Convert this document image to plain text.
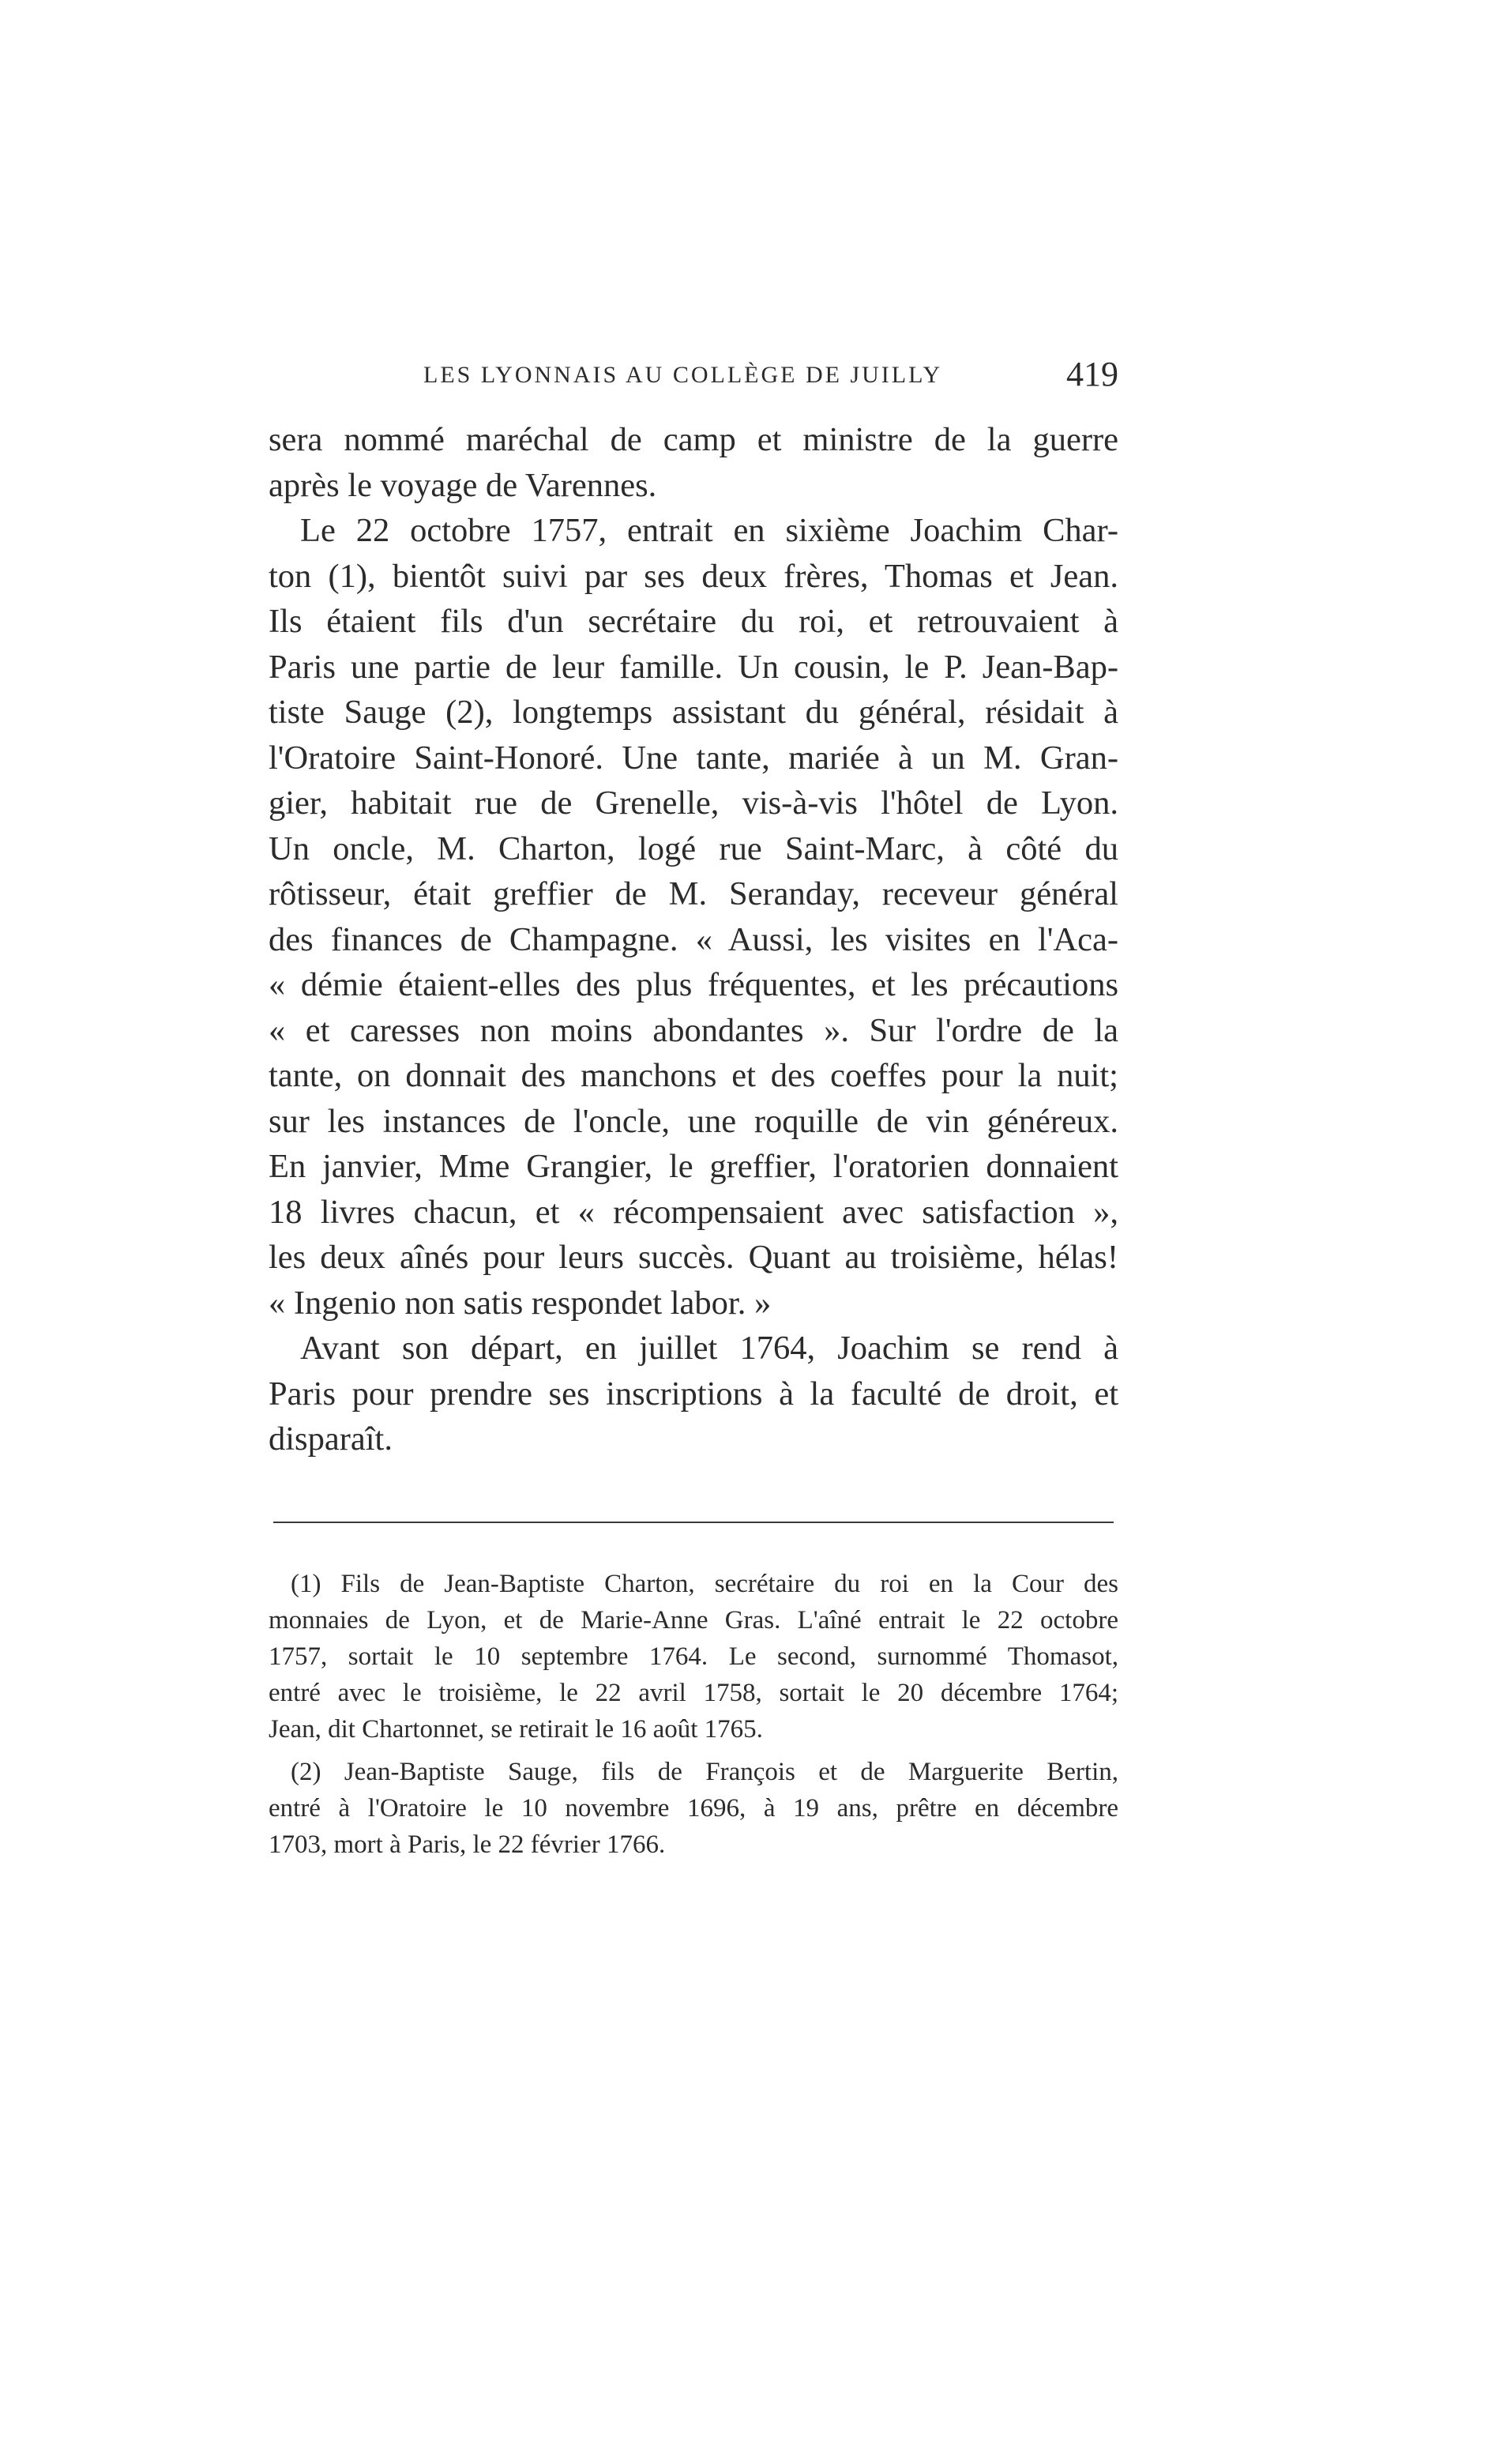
LES LYONNAIS AU COLLÈGE DE JUILLY	419
sera nommé maréchal de camp et ministre de la guerre
après le voyage de Varennes.
Le 22 octobre 1757, entrait en sixième Joachim Char-
ton (1), bientôt suivi par ses deux frères, Thomas et Jean.
Ils étaient fils d'un secrétaire du roi, et retrouvaient à
Paris une partie de leur famille. Un cousin, le P. Jean-Bap-
tiste Sauge (2), longtemps assistant du général, résidait à
l'Oratoire Saint-Honoré. Une tante, mariée à un M. Gran-
gier, habitait rue de Grenelle, vis-à-vis l'hôtel de Lyon.
Un oncle, M. Charton, logé rue Saint-Marc, à côté du
rôtisseur, était greffier de M. Seranday, receveur général
des finances de Champagne. « Aussi, les visites en l'Aca-
« démie étaient-elles des plus fréquentes, et les précautions
« et caresses non moins abondantes ». Sur l'ordre de la
tante, on donnait des manchons et des coeffes pour la nuit;
sur les instances de l'oncle, une roquille de vin généreux.
En janvier, Mme Grangier, le greffier, l'oratorien donnaient
18 livres chacun, et « récompensaient avec satisfaction »,
les deux aînés pour leurs succès. Quant au troisième, hélas!
« Ingenio non satis respondet labor. »
Avant son départ, en juillet 1764, Joachim se rend à
Paris pour prendre ses inscriptions à la faculté de droit, et
disparaît.
(1) Fils de Jean-Baptiste Charton, secrétaire du roi en la Cour des
monnaies de Lyon, et de Marie-Anne Gras. L'aîné entrait le 22 octobre
1757, sortait le 10 septembre 1764. Le second, surnommé Thomasot,
entré avec le troisième, le 22 avril 1758, sortait le 20 décembre 1764;
Jean, dit Chartonnet, se retirait le 16 août 1765.
(2) Jean-Baptiste Sauge, fils de François et de Marguerite Bertin,
entré à l'Oratoire le 10 novembre 1696, à 19 ans, prêtre en décembre
1703, mort à Paris, le 22 février 1766.
